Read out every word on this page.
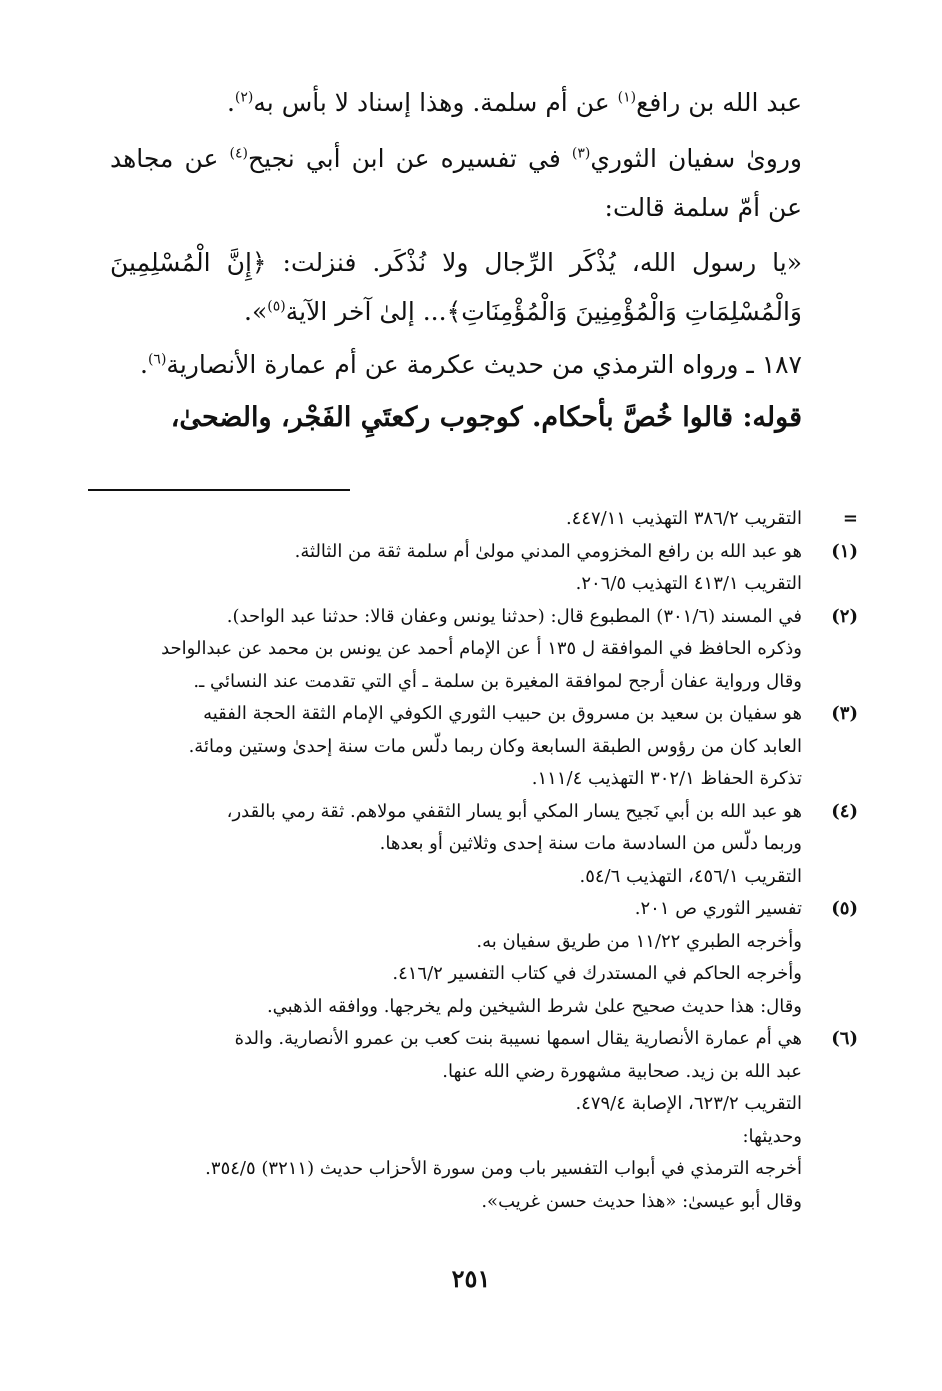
عبد الله بن رافع$^{(١)}$ عن أم سلمة. وهذا إسناد لا بأس به$^{(٢)}$.

وروىٰ سفيان الثوري$^{(٣)}$ في تفسيره عن ابن أبي نجيح$^{(٤)}$ عن مجاهد عن أمّ سلمة قالت:

«يا رسول الله، يُذْكَر الرِّجال ولا نُذْكَر. فنزلت: ﴿إِنَّ الْمُسْلِمِينَ وَالْمُسْلِمَاتِ وَالْمُؤْمِنِينَ وَالْمُؤْمِنَاتِ﴾... إلىٰ آخر الآية$^{(٥)}$».

١٨٧ ـ ورواه الترمذي من حديث عكرمة عن أم عمارة الأنصارية$^{(٦)}$.

قوله: قالوا خُصَّ بأحكام. كوجوب ركعتَيِ الفَجْر، والضحىٰ،

=
التقريب ٣٨٦/٢ التهذيب ٤٤٧/١١.
(١)
هو عبد الله بن رافع المخزومي المدني مولىٰ أم سلمة ثقة من الثالثة.
التقريب ٤١٣/١ التهذيب ٢٠٦/٥.
(٢)
في المسند (٣٠١/٦) المطبوع قال: (حدثنا يونس وعفان قالا: حدثنا عبد الواحد).
وذكره الحافظ في الموافقة ل ١٣٥ أ عن الإمام أحمد عن يونس بن محمد عن عبدالواحد
وقال ورواية عفان أرجح لموافقة المغيرة بن سلمة ـ أي التي تقدمت عند النسائي ـ.
(٣)
هو سفيان بن سعيد بن مسروق بن حبيب الثوري الكوفي الإمام الثقة الحجة الفقيه
العابد كان من رؤوس الطبقة السابعة وكان ربما دلّس مات سنة إحدىٰ وستين ومائة.
تذكرة الحفاظ ٣٠٢/١ التهذيب ١١١/٤.
(٤)
هو عبد الله بن أبي نَجيح يسار المكي أبو يسار الثقفي مولاهم. ثقة رمي بالقدر،
وربما دلّس من السادسة مات سنة إحدى وثلاثين أو بعدها.
التقريب ٤٥٦/١، التهذيب ٥٤/٦.
(٥)
تفسير الثوري ص ٢٠١.
وأخرجه الطبري ١١/٢٢ من طريق سفيان به.
وأخرجه الحاكم في المستدرك في كتاب التفسير ٤١٦/٢.
وقال: هذا حديث صحيح علىٰ شرط الشيخين ولم يخرجها. ووافقه الذهبي.
(٦)
هي أم عمارة الأنصارية يقال اسمها نسيبة بنت كعب بن عمرو الأنصارية. والدة
عبد الله بن زيد. صحابية مشهورة رضي الله عنها.
التقريب ٦٢٣/٢، الإصابة ٤٧٩/٤.
وحديثها:
أخرجه الترمذي في أبواب التفسير باب ومن سورة الأحزاب حديث (٣٢١١) ٣٥٤/٥.
وقال أبو عيسىٰ: «هذا حديث حسن غريب».
٢٥١
